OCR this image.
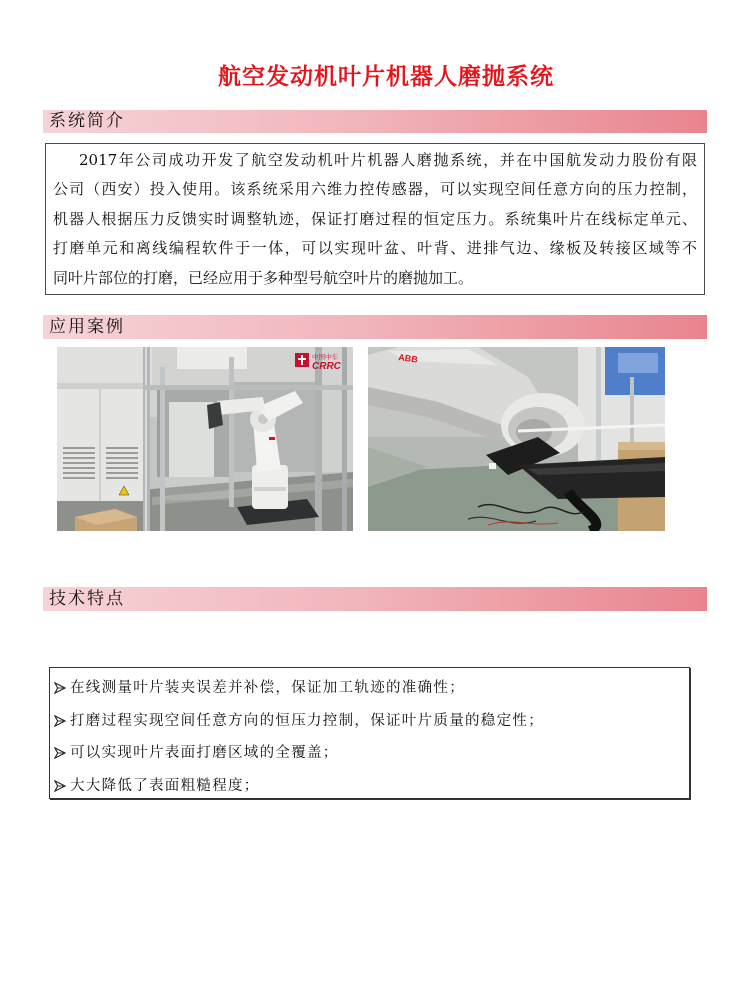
航空发动机叶片机器人磨抛系统
系统简介
2017年公司成功开发了航空发动机叶片机器人磨抛系统，并在中国航发动力股份有限
公司（西安）投入使用。该系统采用六维力控传感器，可以实现空间任意方向的压力控制，
机器人根据压力反馈实时调整轨迹，保证打磨过程的恒定压力。系统集叶片在线标定单元、
打磨单元和离线编程软件于一体，可以实现叶盆、叶背、进排气边、缘板及转接区域等不
同叶片部位的打磨，已经应用于多种型号航空叶片的磨抛加工。
应用案例
中国中车
CRRC
ABB
技术特点
在线测量叶片装夹误差并补偿，保证加工轨迹的准确性；
打磨过程实现空间任意方向的恒压力控制，保证叶片质量的稳定性；
可以实现叶片表面打磨区域的全覆盖；
大大降低了表面粗糙程度；
